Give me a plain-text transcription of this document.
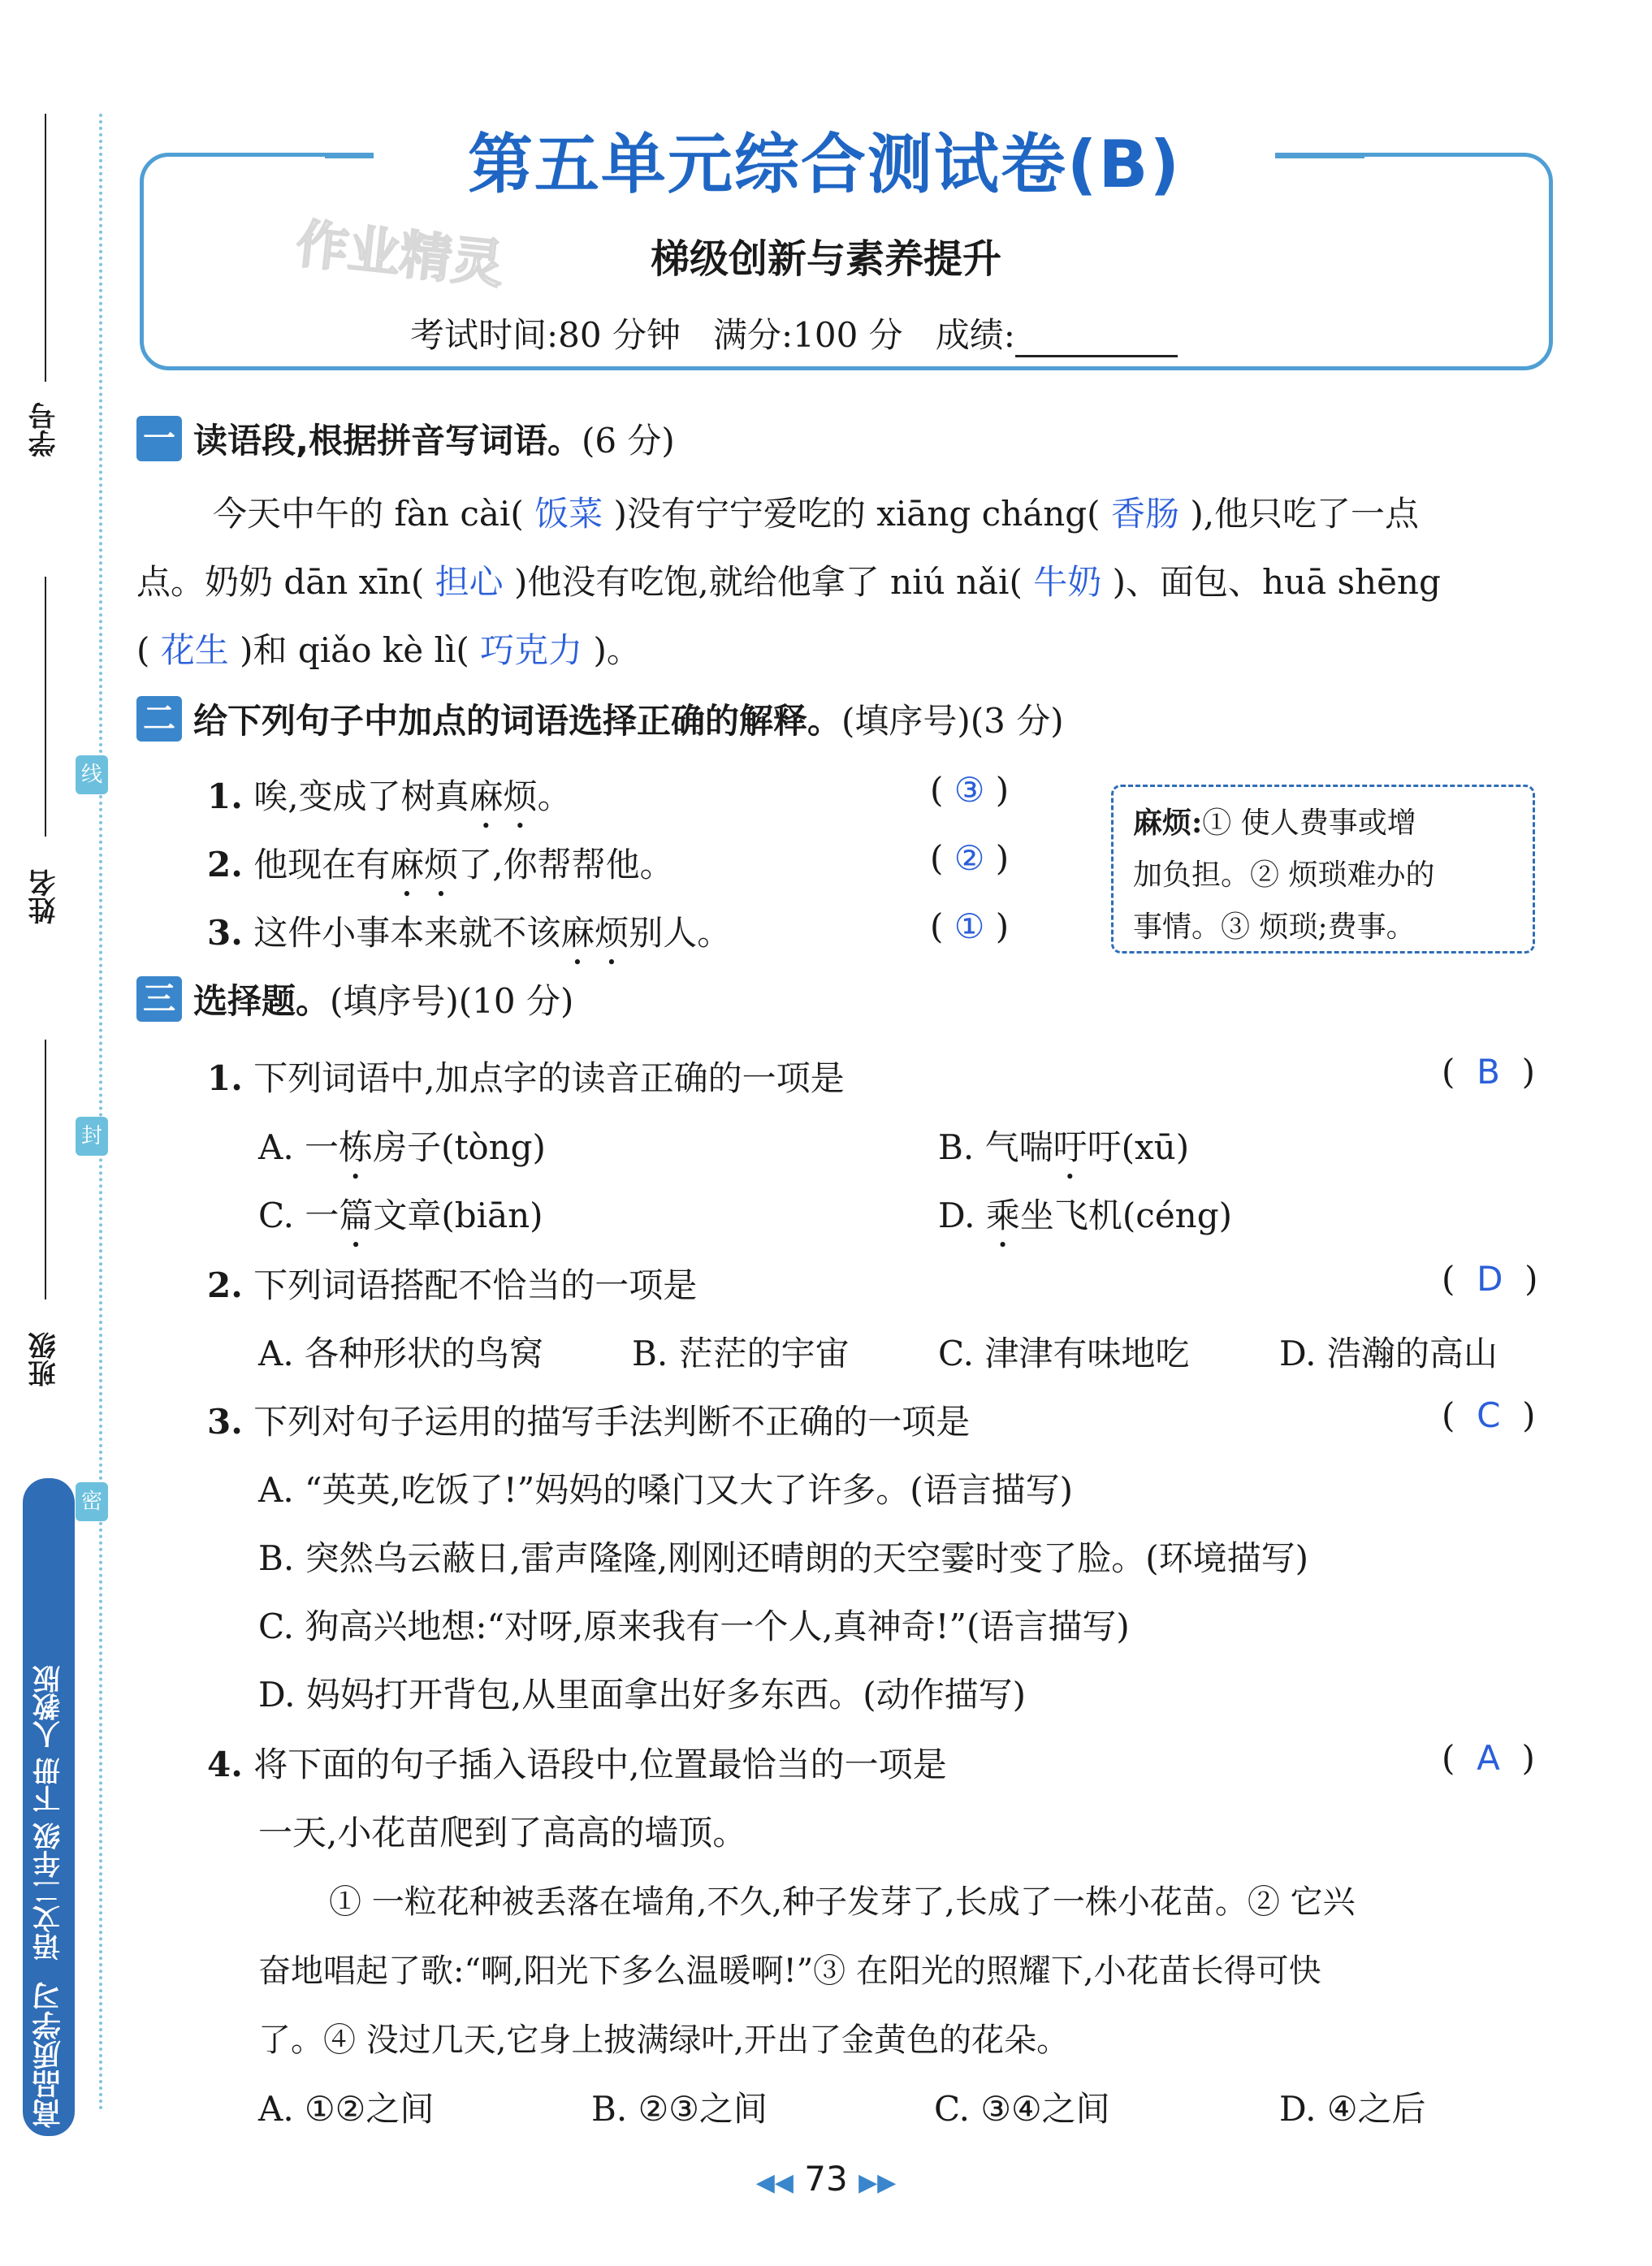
学号
姓名
班级
线
封
密
高品质学习
语文二年级 下册 人教版
第五单元综合测试卷(B)
作业精灵	梯级创新与素养提升
考试时间:80 分钟 满分:100 分 成绩:
一 读语段,根据拼音写词语。 (6 分)
今天中午的 fàn cài( 饭菜 )没有宁宁爱吃的 xiāng cháng( 香肠 ),他只吃了一点
点。奶奶 dān xīn( 担心 )他没有吃饱,就给他拿了 niú nǎi( 牛奶 )、面包、huā shēng
( 花生 )和 qiǎo kè lì( 巧克力 )。
二 给下列句子中加点的词语选择正确的解释。 (填序号)(3 分)
1. 唉,变成了树真麻烦。	( ③ )
2. 他现在有麻烦了,你帮帮他。	( ② )
3. 这件小事本来就不该麻烦别人。	( ① )
麻烦:① 使人费事或增
加负担。② 烦琐难办的
事情。③ 烦琐;费事。
三 选择题。 (填序号)(10 分)
1. 下列词语中,加点字的读音正确的一项是	(  B  )
A. 一栋房子(tòng)	B. 气喘吁吁(xū)
C. 一篇文章(biān)	D. 乘坐飞机(céng)
2. 下列词语搭配不恰当的一项是	(  D  )
A. 各种形状的鸟窝	B. 茫茫的宇宙	C. 津津有味地吃	D. 浩瀚的高山
3. 下列对句子运用的描写手法判断不正确的一项是	(  C  )
A. “英英,吃饭了!”妈妈的嗓门又大了许多。(语言描写)
B. 突然乌云蔽日,雷声隆隆,刚刚还晴朗的天空霎时变了脸。(环境描写)
C. 狗高兴地想:“对呀,原来我有一个人,真神奇!”(语言描写)
D. 妈妈打开背包,从里面拿出好多东西。(动作描写)
4. 将下面的句子插入语段中,位置最恰当的一项是	(  A  )
一天,小花苗爬到了高高的墙顶。
① 一粒花种被丢落在墙角,不久,种子发芽了,长成了一株小花苗。② 它兴
奋地唱起了歌:“啊,阳光下多么温暖啊!”③ 在阳光的照耀下,小花苗长得可快
了。④ 没过几天,它身上披满绿叶,开出了金黄色的花朵。
A. ①②之间	B. ②③之间	C. ③④之间	D. ④之后
◀◀ 73 ▶▶
